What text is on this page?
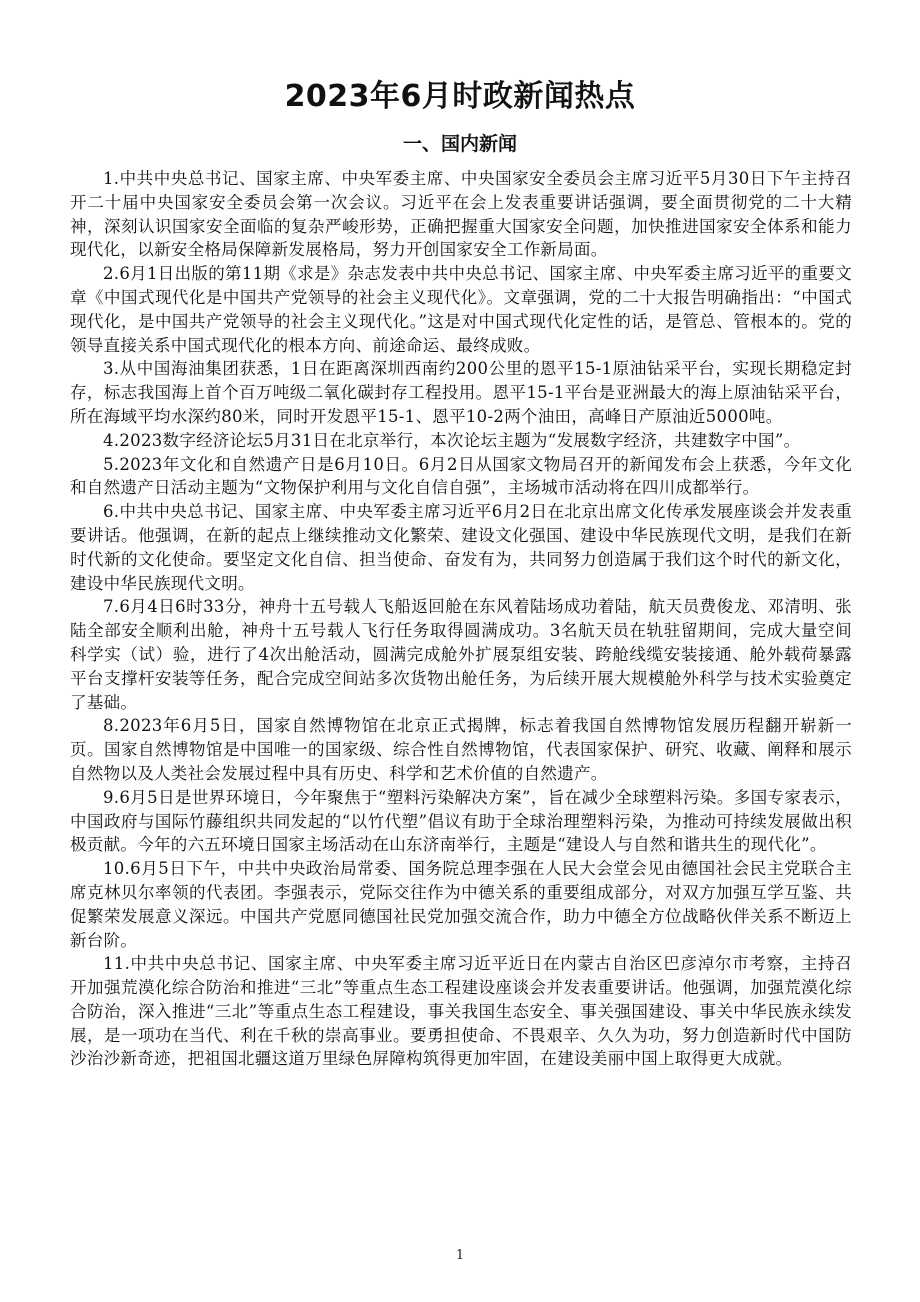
2023年6月时政新闻热点
一、国内新闻

1.中共中央总书记、国家主席、中央军委主席、中央国家安全委员会主席习近平5月30日下午主持召开二十届中央国家安全委员会第一次会议。习近平在会上发表重要讲话强调，要全面贯彻党的二十大精神，深刻认识国家安全面临的复杂严峻形势，正确把握重大国家安全问题，加快推进国家安全体系和能力现代化，以新安全格局保障新发展格局，努力开创国家安全工作新局面。

2.6月1日出版的第11期《求是》杂志发表中共中央总书记、国家主席、中央军委主席习近平的重要文章《中国式现代化是中国共产党领导的社会主义现代化》。文章强调，党的二十大报告明确指出：“中国式现代化，是中国共产党领导的社会主义现代化。”这是对中国式现代化定性的话，是管总、管根本的。党的领导直接关系中国式现代化的根本方向、前途命运、最终成败。

3.从中国海油集团获悉，1日在距离深圳西南约200公里的恩平15-1原油钻采平台，实现长期稳定封存，标志我国海上首个百万吨级二氧化碳封存工程投用。恩平15-1平台是亚洲最大的海上原油钻采平台，所在海域平均水深约80米，同时开发恩平15-1、恩平10-2两个油田，高峰日产原油近5000吨。

4.2023数字经济论坛5月31日在北京举行，本次论坛主题为“发展数字经济，共建数字中国”。

5.2023年文化和自然遗产日是6月10日。6月2日从国家文物局召开的新闻发布会上获悉，今年文化和自然遗产日活动主题为“文物保护利用与文化自信自强”，主场城市活动将在四川成都举行。

6.中共中央总书记、国家主席、中央军委主席习近平6月2日在北京出席文化传承发展座谈会并发表重要讲话。他强调，在新的起点上继续推动文化繁荣、建设文化强国、建设中华民族现代文明，是我们在新时代新的文化使命。要坚定文化自信、担当使命、奋发有为，共同努力创造属于我们这个时代的新文化，建设中华民族现代文明。

7.6月4日6时33分，神舟十五号载人飞船返回舱在东风着陆场成功着陆，航天员费俊龙、邓清明、张陆全部安全顺利出舱，神舟十五号载人飞行任务取得圆满成功。3名航天员在轨驻留期间，完成大量空间科学实（试）验，进行了4次出舱活动，圆满完成舱外扩展泵组安装、跨舱线缆安装接通、舱外载荷暴露平台支撑杆安装等任务，配合完成空间站多次货物出舱任务，为后续开展大规模舱外科学与技术实验奠定了基础。

8.2023年6月5日，国家自然博物馆在北京正式揭牌，标志着我国自然博物馆发展历程翻开崭新一页。国家自然博物馆是中国唯一的国家级、综合性自然博物馆，代表国家保护、研究、收藏、阐释和展示自然物以及人类社会发展过程中具有历史、科学和艺术价值的自然遗产。

9.6月5日是世界环境日，今年聚焦于“塑料污染解决方案”，旨在减少全球塑料污染。多国专家表示，中国政府与国际竹藤组织共同发起的“以竹代塑”倡议有助于全球治理塑料污染，为推动可持续发展做出积极贡献。今年的六五环境日国家主场活动在山东济南举行，主题是“建设人与自然和谐共生的现代化”。

10.6月5日下午，中共中央政治局常委、国务院总理李强在人民大会堂会见由德国社会民主党联合主席克林贝尔率领的代表团。李强表示，党际交往作为中德关系的重要组成部分，对双方加强互学互鉴、共促繁荣发展意义深远。中国共产党愿同德国社民党加强交流合作，助力中德全方位战略伙伴关系不断迈上新台阶。

11.中共中央总书记、国家主席、中央军委主席习近平近日在内蒙古自治区巴彦淖尔市考察，主持召开加强荒漠化综合防治和推进“三北”等重点生态工程建设座谈会并发表重要讲话。他强调，加强荒漠化综合防治，深入推进“三北”等重点生态工程建设，事关我国生态安全、事关强国建设、事关中华民族永续发展，是一项功在当代、利在千秋的崇高事业。要勇担使命、不畏艰辛、久久为功，努力创造新时代中国防沙治沙新奇迹，把祖国北疆这道万里绿色屏障构筑得更加牢固，在建设美丽中国上取得更大成就。

1
